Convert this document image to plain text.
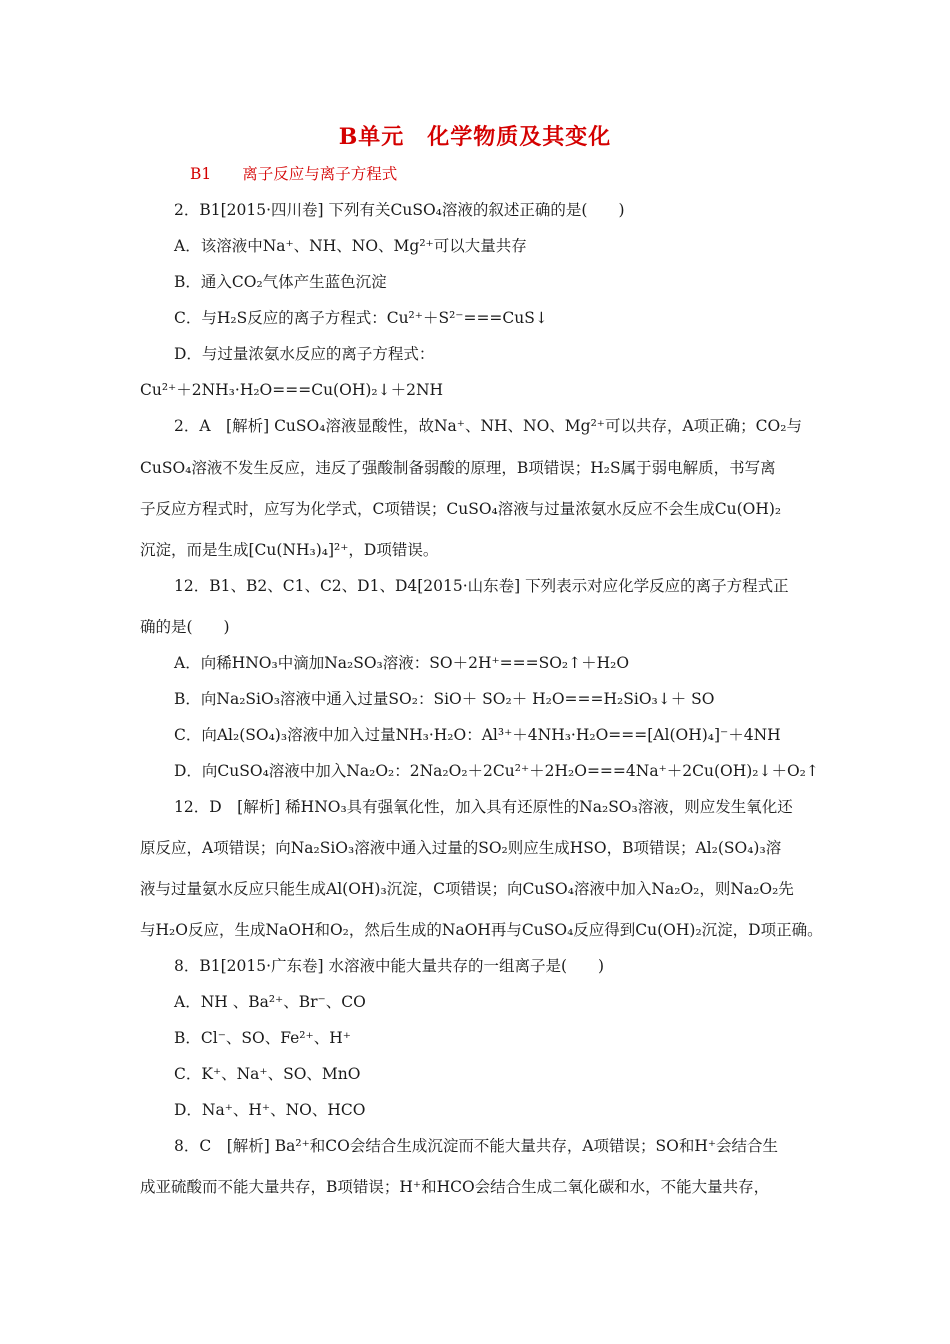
B单元　化学物质及其变化
B1　　离子反应与离子方程式
2．B1[2015·四川卷] 下列有关CuSO₄溶液的叙述正确的是(　　)
A．该溶液中Na⁺、NH、NO、Mg²⁺可以大量共存
B．通入CO₂气体产生蓝色沉淀
C．与H₂S反应的离子方程式：Cu²⁺＋S²⁻===CuS↓
D．与过量浓氨水反应的离子方程式：
Cu²⁺＋2NH₃·H₂O===Cu(OH)₂↓＋2NH
2．A　[解析] CuSO₄溶液显酸性，故Na⁺、NH、NO、Mg²⁺可以共存，A项正确；CO₂与
CuSO₄溶液不发生反应，违反了强酸制备弱酸的原理，B项错误；H₂S属于弱电解质，书写离
子反应方程式时，应写为化学式，C项错误；CuSO₄溶液与过量浓氨水反应不会生成Cu(OH)₂
沉淀，而是生成[Cu(NH₃)₄]²⁺，D项错误。
12．B1、B2、C1、C2、D1、D4[2015·山东卷] 下列表示对应化学反应的离子方程式正
确的是(　　)
A．向稀HNO₃中滴加Na₂SO₃溶液：SO＋2H⁺===SO₂↑＋H₂O
B．向Na₂SiO₃溶液中通入过量SO₂：SiO＋ SO₂＋ H₂O===H₂SiO₃↓＋ SO
C．向Al₂(SO₄)₃溶液中加入过量NH₃·H₂O：Al³⁺＋4NH₃·H₂O===[Al(OH)₄]⁻＋4NH
D．向CuSO₄溶液中加入Na₂O₂：2Na₂O₂＋2Cu²⁺＋2H₂O===4Na⁺＋2Cu(OH)₂↓＋O₂↑
12．D　[解析] 稀HNO₃具有强氧化性，加入具有还原性的Na₂SO₃溶液，则应发生氧化还
原反应，A项错误；向Na₂SiO₃溶液中通入过量的SO₂则应生成HSO，B项错误；Al₂(SO₄)₃溶
液与过量氨水反应只能生成Al(OH)₃沉淀，C项错误；向CuSO₄溶液中加入Na₂O₂，则Na₂O₂先
与H₂O反应，生成NaOH和O₂，然后生成的NaOH再与CuSO₄反应得到Cu(OH)₂沉淀，D项正确。
8．B1[2015·广东卷] 水溶液中能大量共存的一组离子是(　　)
A．NH 、Ba²⁺、Br⁻、CO
B．Cl⁻、SO、Fe²⁺、H⁺
C．K⁺、Na⁺、SO、MnO
D．Na⁺、H⁺、NO、HCO
8．C　[解析] Ba²⁺和CO会结合生成沉淀而不能大量共存，A项错误；SO和H⁺会结合生
成亚硫酸而不能大量共存，B项错误；H⁺和HCO会结合生成二氧化碳和水，不能大量共存，
